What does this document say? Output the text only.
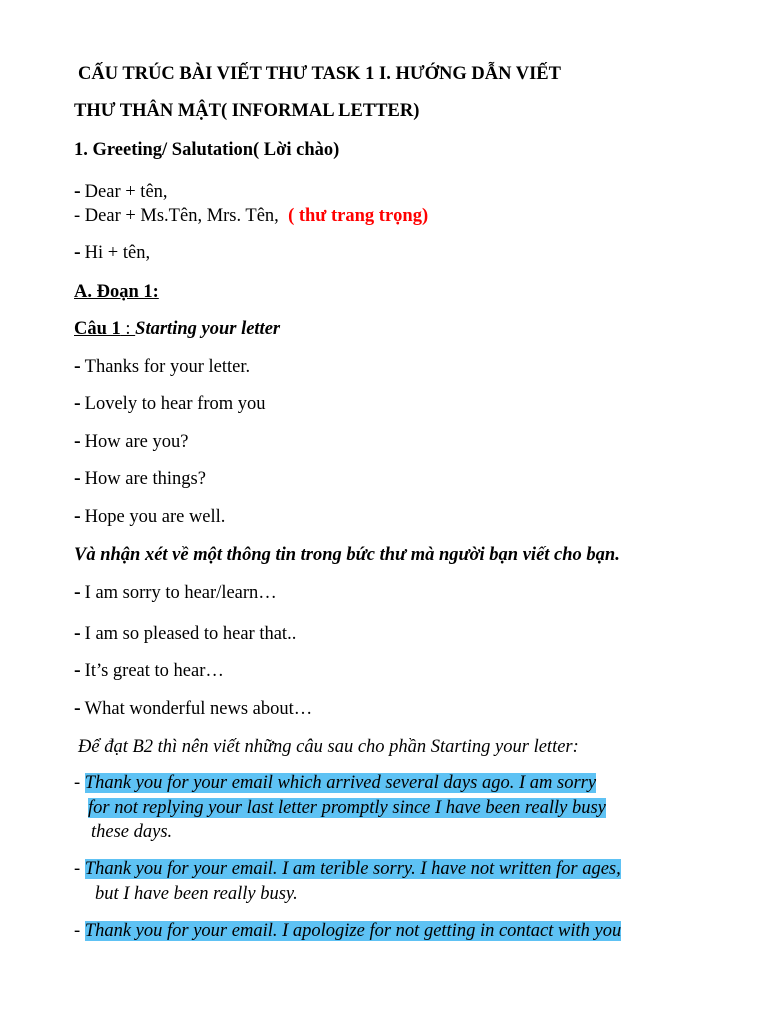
CẤU TRÚC BÀI VIẾT THƯ TASK 1 I. HƯỚNG DẪN VIẾT
THƯ THÂN MẬT( INFORMAL LETTER)
1. Greeting/ Salutation( Lời chào)
- Dear + tên,
- Dear + Ms.Tên, Mrs. Tên, ( thư trang trọng)
- Hi + tên,
A. Đoạn 1:
Câu 1 : Starting your letter
- Thanks for your letter.
- Lovely to hear from you
- How are you?
- How are things?
- Hope you are well.
Và nhận xét về một thông tin trong bức thư mà người bạn viết cho bạn.
- I am sorry to hear/learn…
- I am so pleased to hear that..
- It’s great to hear…
- What wonderful news about…
Để đạt B2 thì nên viết những câu sau cho phần Starting your letter:
- Thank you for your email which arrived several days ago. I am sorry
for not replying your last letter promptly since I have been really busy
these days.
- Thank you for your email. I am terible sorry. I have not written for ages,
but I have been really busy.
- Thank you for your email. I apologize for not getting in contact with you
